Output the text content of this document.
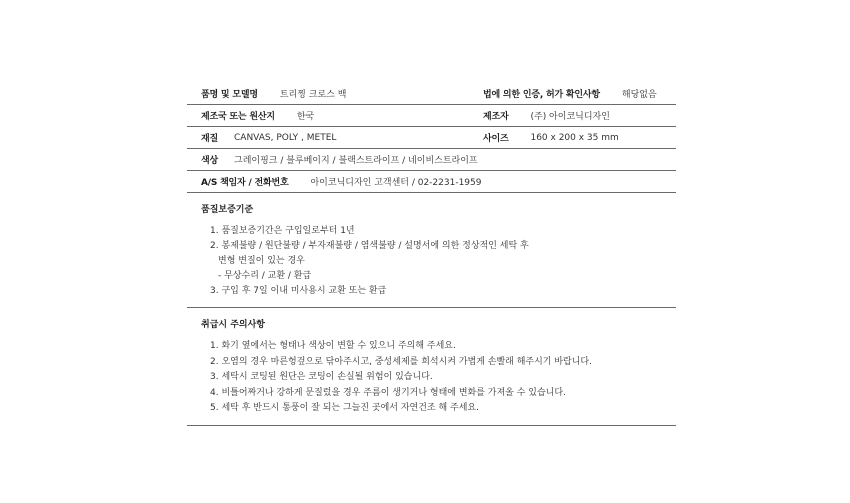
품명 및 모델명 트리찡 크로스 백	법에 의한 인증, 허가 확인사항 해당없음
제조국 또는 원산지 한국	제조자 (주) 아이코닉디자인
재질 CANVAS, POLY , METEL	사이즈 160 x 200 x 35 mm
색상 그레이핑크 / 블루베이지 / 블랙스트라이프 / 네이비스트라이프
A/S 책임자 / 전화번호 아이코닉디자인 고객센터 / 02-2231-1959
품질보증기준
1. 품질보증기간은 구입일로부터 1년
2. 봉제불량 / 원단불량 / 부자재불량 / 염색불량 / 설명서에 의한 정상적인 세탁 후
변형 변질이 있는 경우
- 무상수리 / 교환 / 환급
3. 구입 후 7일 이내 미사용시 교환 또는 환급
취급시 주의사항
1. 화기 옆에서는 형태나 색상이 변할 수 있으니 주의해 주세요.
2. 오염의 경우 마른헝겊으로 닦아주시고, 중성세제를 희석시켜 가볍게 손빨래 해주시기 바랍니다.
3. 세탁시 코팅된 원단은 코팅이 손실될 위험이 있습니다.
4. 비틀어짜거나 강하게 문질렀을 경우 주름이 생기거나 형태에 변화를 가져올 수 있습니다.
5. 세탁 후 반드시 통풍이 잘 되는 그늘진 곳에서 자연건조 해 주세요.
